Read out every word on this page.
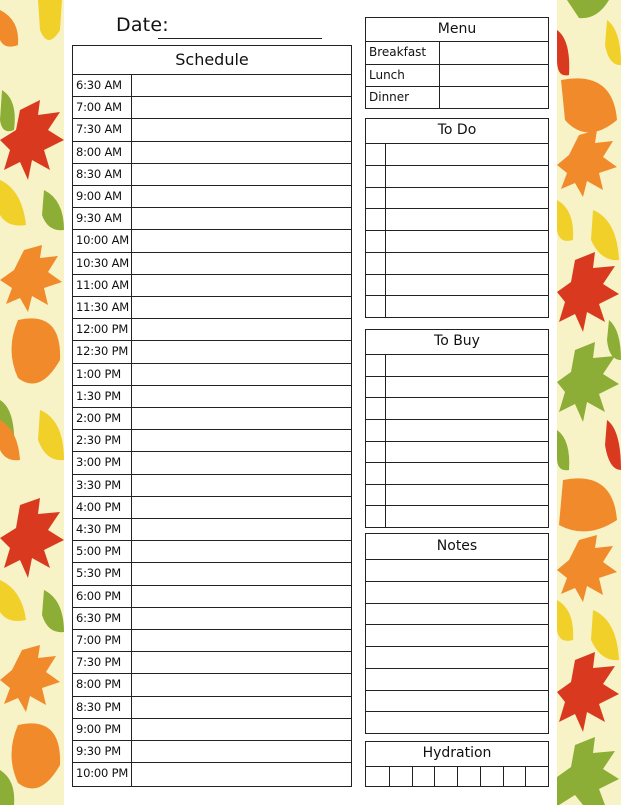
Date:
Schedule
6:30 AM
7:00 AM
7:30 AM
8:00 AM
8:30 AM
9:00 AM
9:30 AM
10:00 AM
10:30 AM
11:00 AM
11:30 AM
12:00 PM
12:30 PM
1:00 PM
1:30 PM
2:00 PM
2:30 PM
3:00 PM
3:30 PM
4:00 PM
4:30 PM
5:00 PM
5:30 PM
6:00 PM
6:30 PM
7:00 PM
7:30 PM
8:00 PM
8:30 PM
9:00 PM
9:30 PM
10:00 PM
Menu
Breakfast
Lunch
Dinner
To Do
To Buy
Notes
Hydration
